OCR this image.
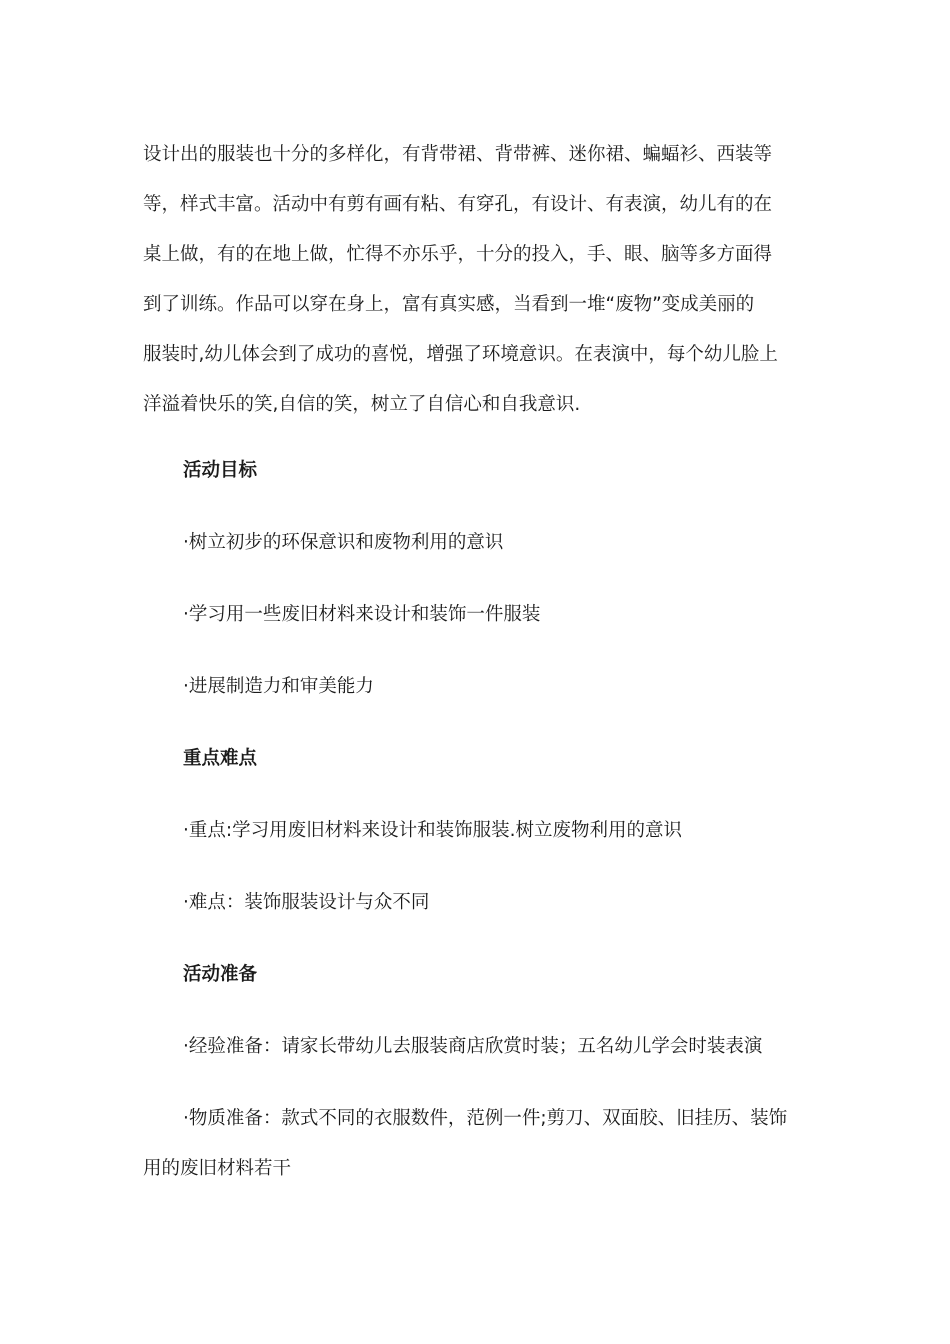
设计出的服装也十分的多样化，有背带裙、背带裤、迷你裙、蝙蝠衫、西装等
等，样式丰富。活动中有剪有画有粘、有穿孔，有设计、有表演，幼儿有的在
桌上做，有的在地上做，忙得不亦乐乎，十分的投入，手、眼、脑等多方面得
到了训练。作品可以穿在身上，富有真实感，当看到一堆“废物”变成美丽的
服装时,幼儿体会到了成功的喜悦，增强了环境意识。在表演中，每个幼儿脸上
洋溢着快乐的笑,自信的笑，树立了自信心和自我意识.

活动目标

·树立初步的环保意识和废物利用的意识

·学习用一些废旧材料来设计和装饰一件服装

·进展制造力和审美能力

重点难点

·重点:学习用废旧材料来设计和装饰服装.树立废物利用的意识

·难点：装饰服装设计与众不同

活动准备

·经验准备：请家长带幼儿去服装商店欣赏时装；五名幼儿学会时装表演

·物质准备：款式不同的衣服数件，范例一件;剪刀、双面胶、旧挂历、装饰
用的废旧材料若干
